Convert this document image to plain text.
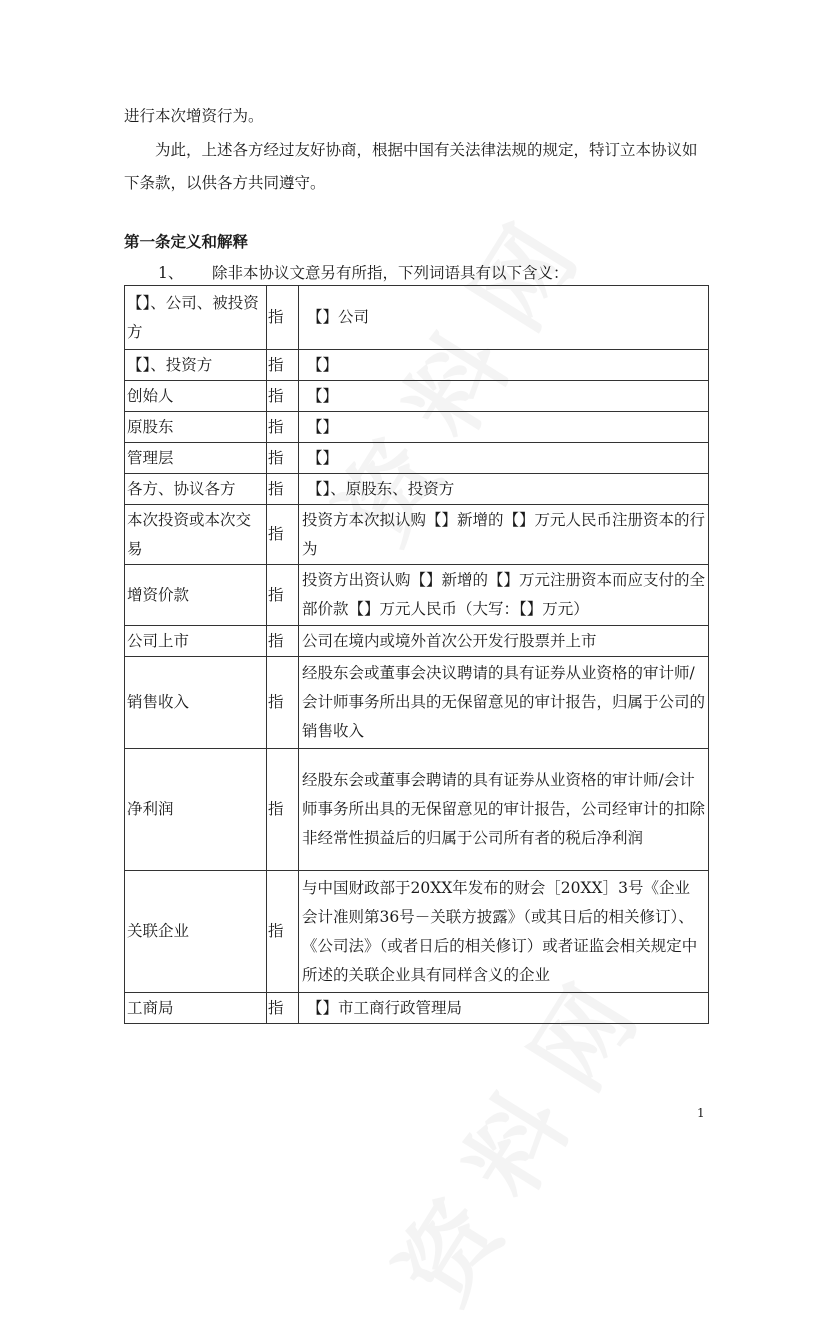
进行本次增资行为。

为此，上述各方经过友好协商，根据中国有关法律法规的规定，特订立本协议如下条款，以供各方共同遵守。

第一条定义和解释

1、 除非本协议文意另有所指，下列词语具有以下含义：

【】、公司、被投资方	指	【】公司
【】、投资方	指	【】
创始人	指	【】
原股东	指	【】
管理层	指	【】
各方、协议各方	指	【】、原股东、投资方
本次投资或本次交易	指	投资方本次拟认购【】新增的【】万元人民币注册资本的行为
增资价款	指	投资方出资认购【】新增的【】万元注册资本而应支付的全部价款【】万元人民币（大写：【】万元）
公司上市	指	公司在境内或境外首次公开发行股票并上市
销售收入	指	经股东会或董事会决议聘请的具有证券从业资格的审计师/会计师事务所出具的无保留意见的审计报告，归属于公司的销售收入
净利润	指	经股东会或董事会聘请的具有证券从业资格的审计师/会计师事务所出具的无保留意见的审计报告，公司经审计的扣除非经常性损益后的归属于公司所有者的税后净利润
关联企业	指	与中国财政部于20XX年发布的财会［20XX］3号《企业会计准则第36号－关联方披露》（或其日后的相关修订）、《公司法》（或者日后的相关修订）或者证监会相关规定中所述的关联企业具有同样含义的企业
工商局	指	【】市工商行政管理局
1
